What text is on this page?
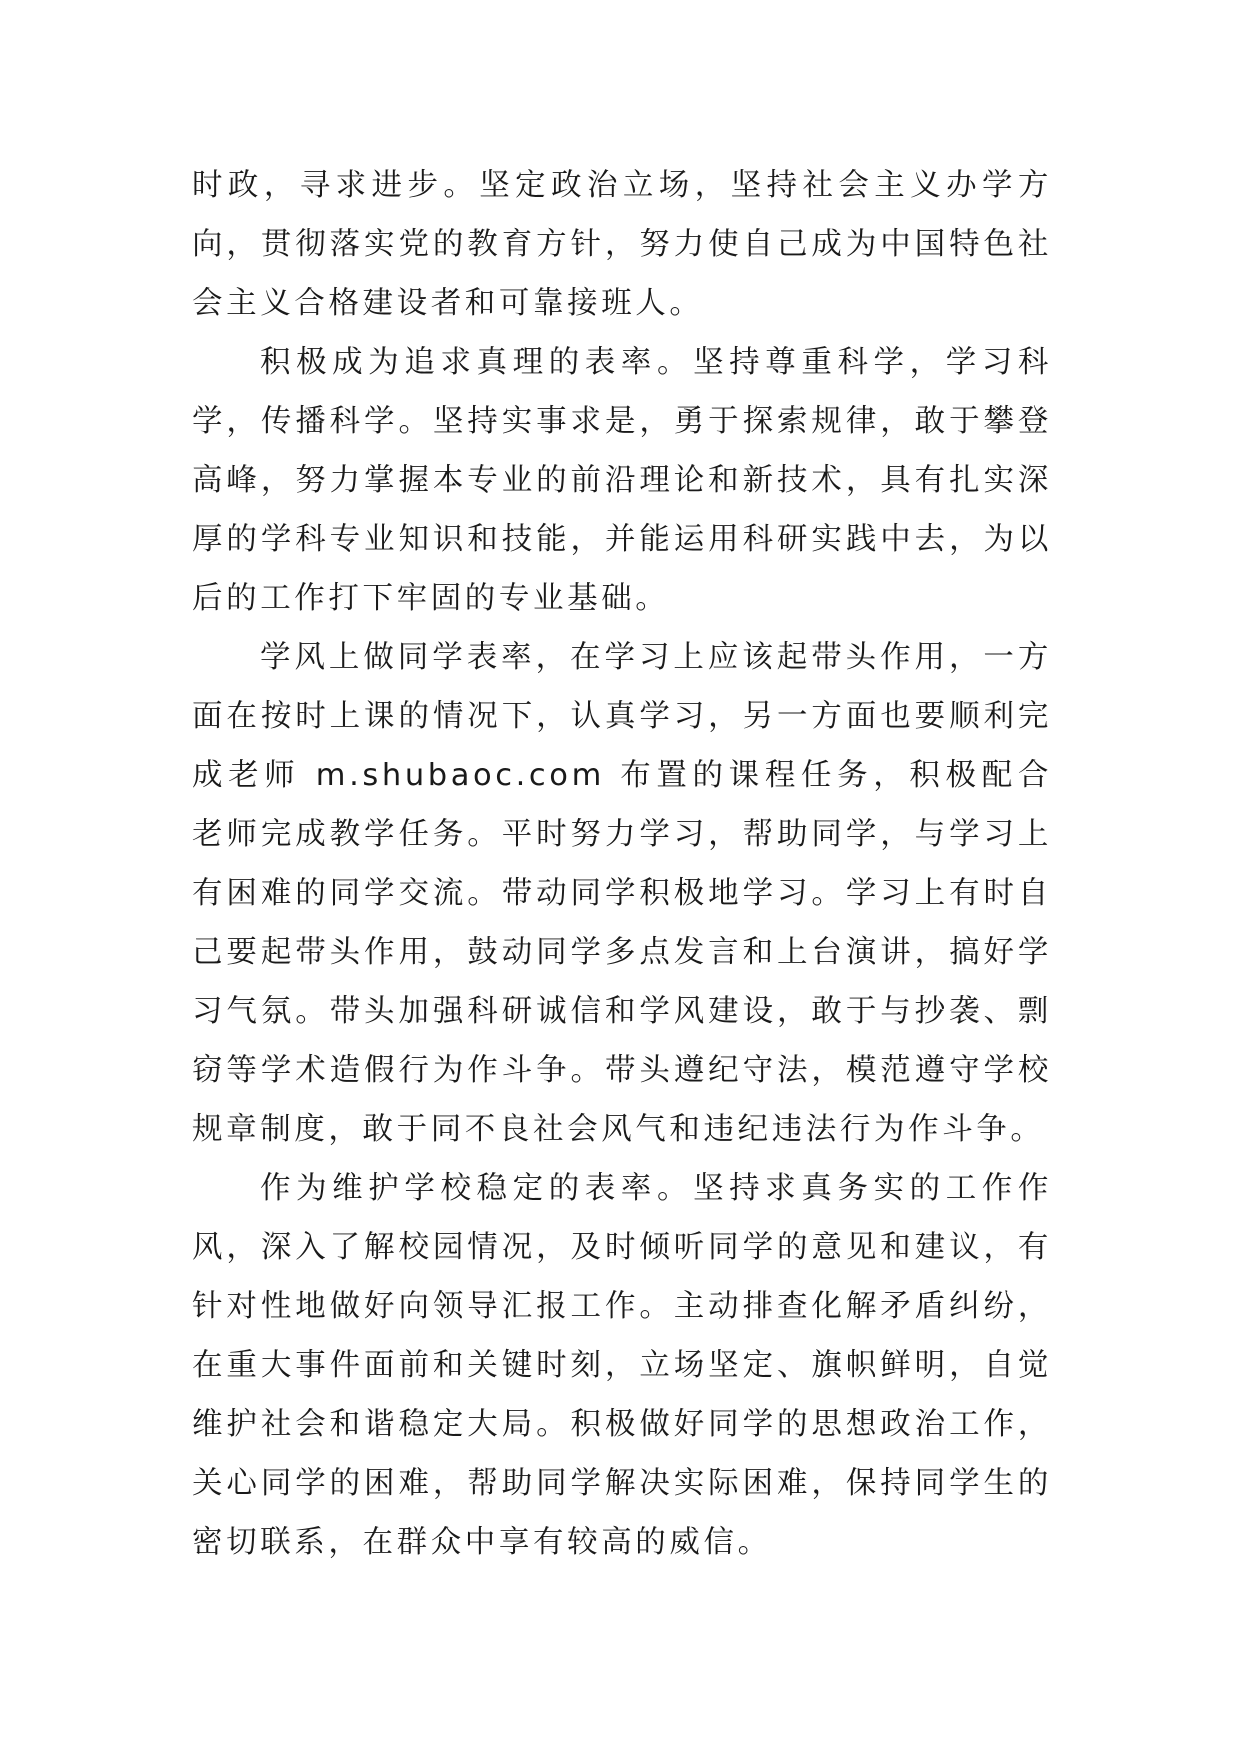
时政，寻求进步。坚定政治立场，坚持社会主义办学方向，贯彻落实党的教育方针，努力使自己成为中国特色社会主义合格建设者和可靠接班人。

积极成为追求真理的表率。坚持尊重科学，学习科学，传播科学。坚持实事求是，勇于探索规律，敢于攀登高峰，努力掌握本专业的前沿理论和新技术，具有扎实深厚的学科专业知识和技能，并能运用科研实践中去，为以后的工作打下牢固的专业基础。

学风上做同学表率，在学习上应该起带头作用，一方面在按时上课的情况下，认真学习，另一方面也要顺利完成老师 m.shubaoc.com 布置的课程任务，积极配合老师完成教学任务。平时努力学习，帮助同学，与学习上有困难的同学交流。带动同学积极地学习。学习上有时自己要起带头作用，鼓动同学多点发言和上台演讲，搞好学习气氛。带头加强科研诚信和学风建设，敢于与抄袭、剽窃等学术造假行为作斗争。带头遵纪守法，模范遵守学校规章制度，敢于同不良社会风气和违纪违法行为作斗争。

作为维护学校稳定的表率。坚持求真务实的工作作风，深入了解校园情况，及时倾听同学的意见和建议，有针对性地做好向领导汇报工作。主动排查化解矛盾纠纷，在重大事件面前和关键时刻，立场坚定、旗帜鲜明，自觉维护社会和谐稳定大局。积极做好同学的思想政治工作，关心同学的困难，帮助同学解决实际困难，保持同学生的密切联系，在群众中享有较高的威信。
